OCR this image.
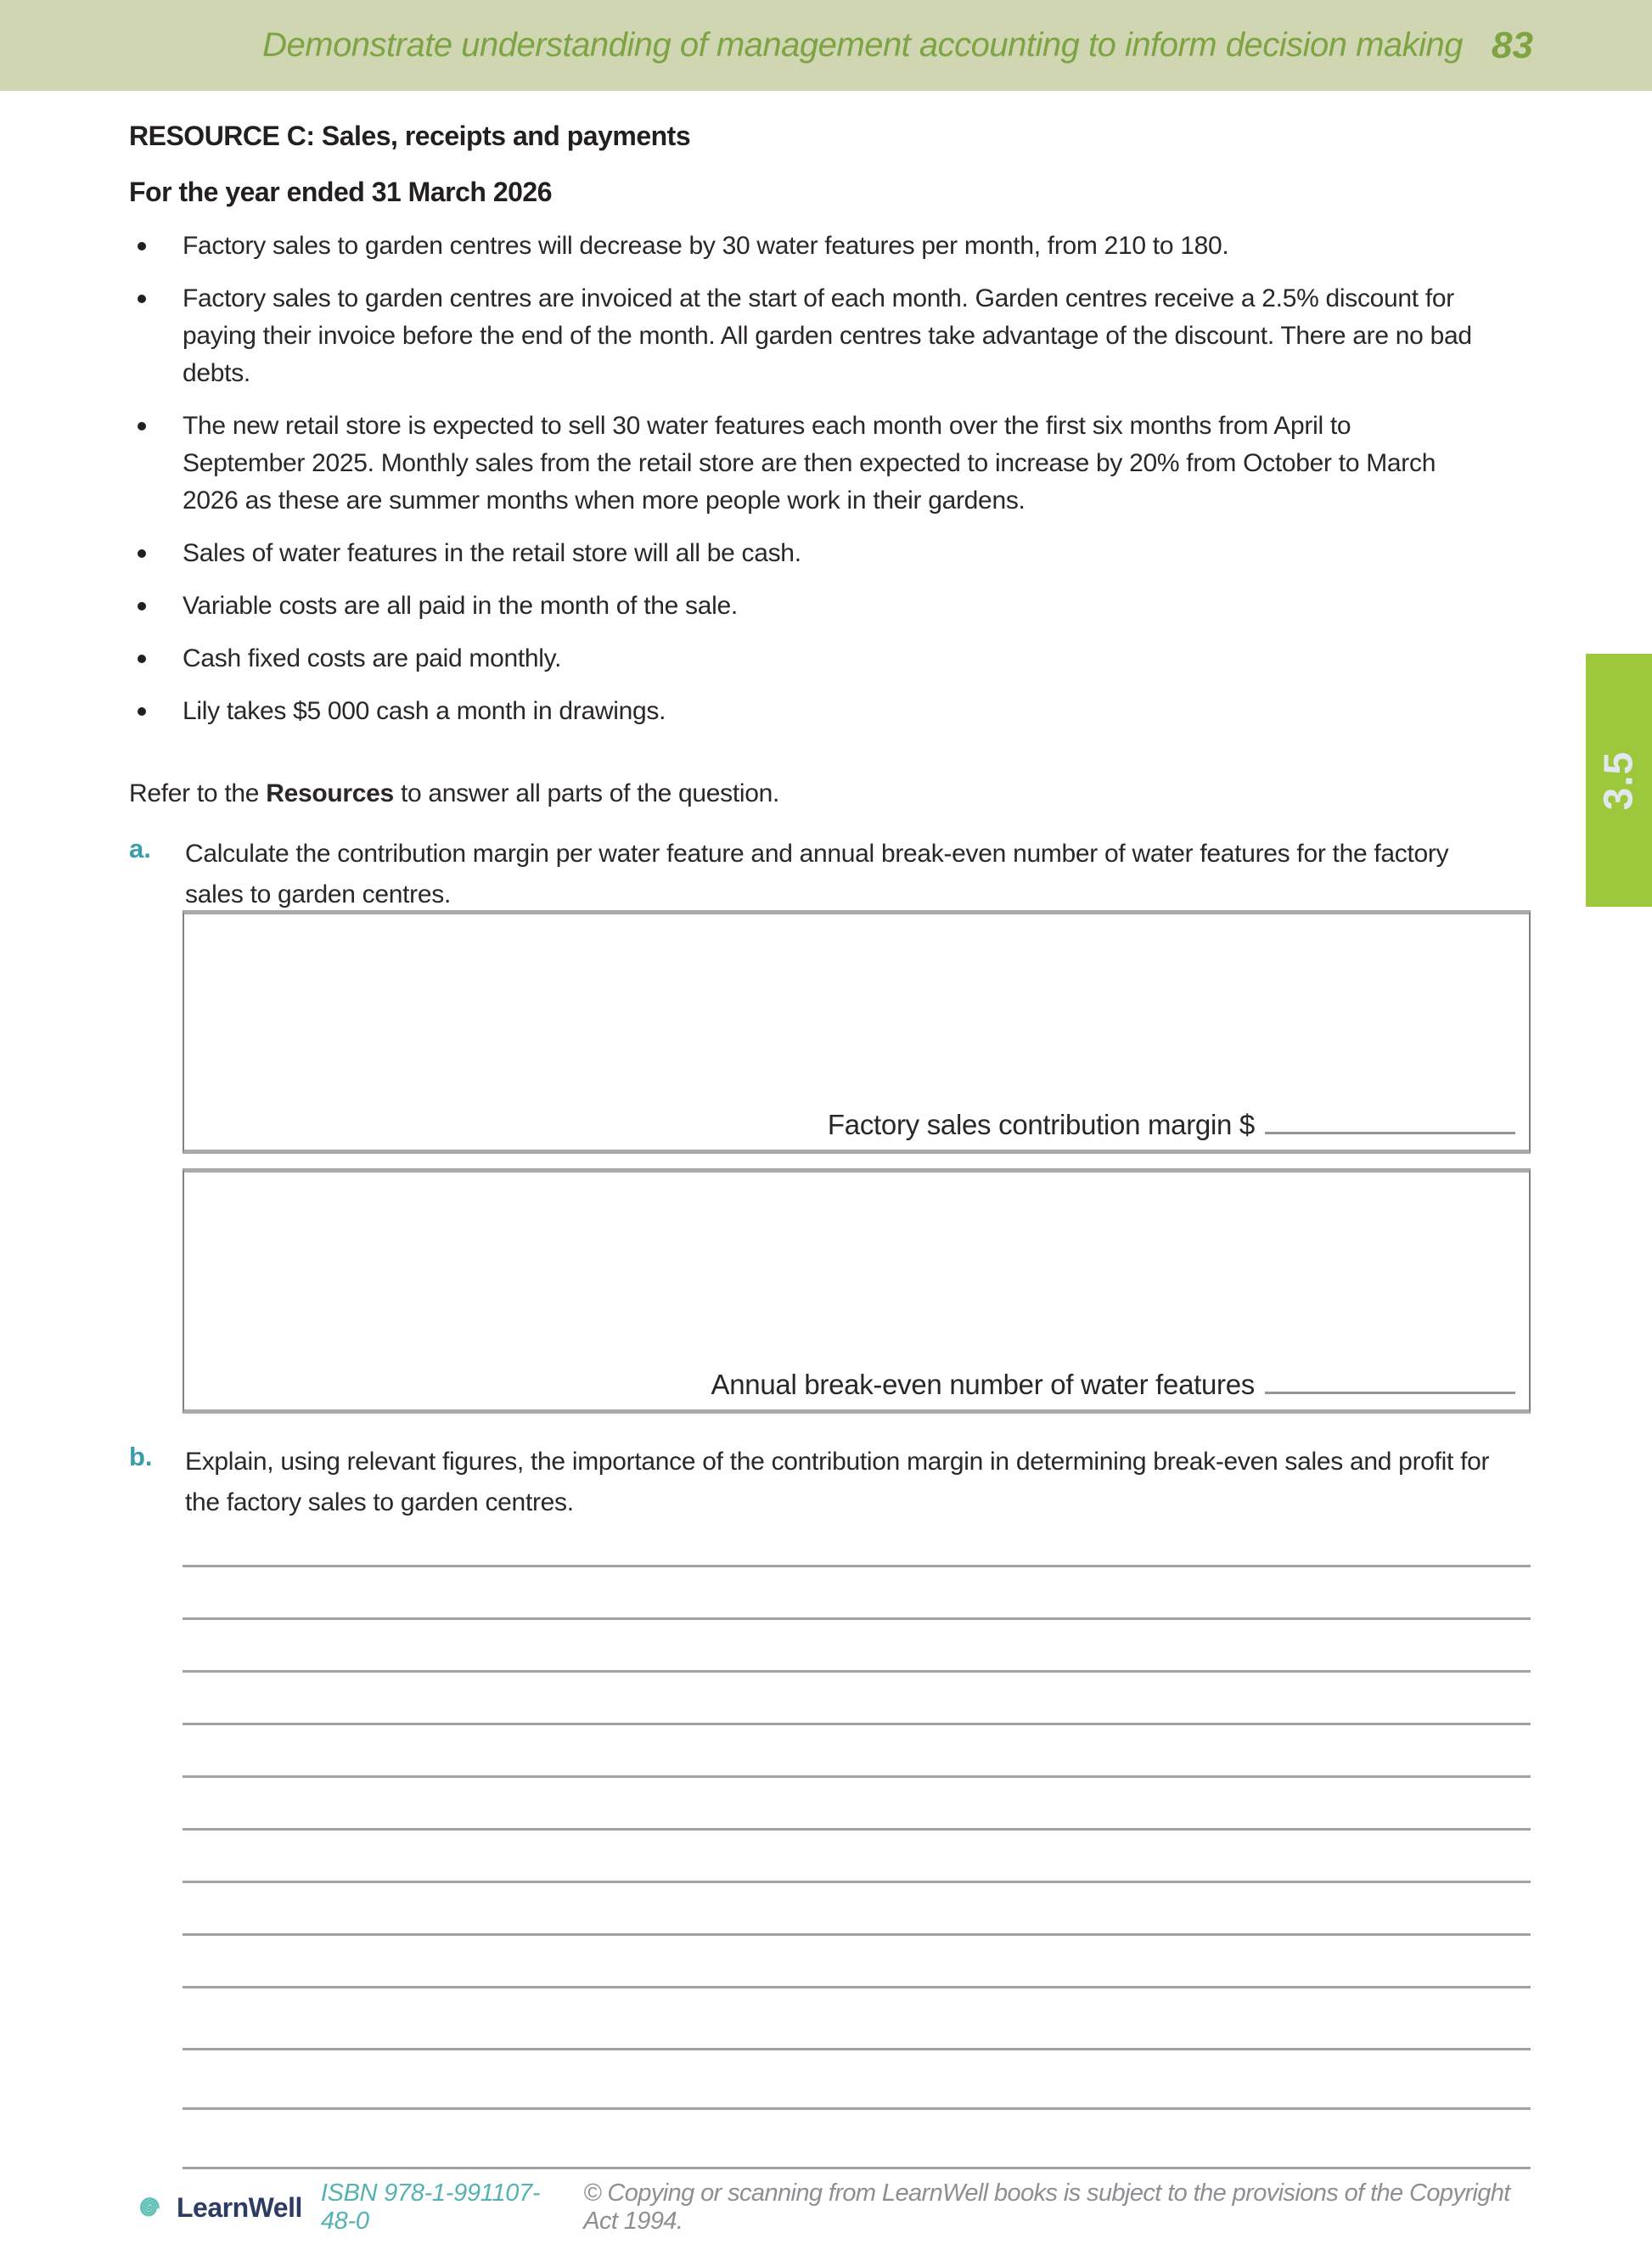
Demonstrate understanding of management accounting to inform decision making 83
RESOURCE C: Sales, receipts and payments
For the year ended 31 March 2026
Factory sales to garden centres will decrease by 30 water features per month, from 210 to 180.
Factory sales to garden centres are invoiced at the start of each month. Garden centres receive a 2.5% discount for paying their invoice before the end of the month. All garden centres take advantage of the discount. There are no bad debts.
The new retail store is expected to sell 30 water features each month over the first six months from April to September 2025. Monthly sales from the retail store are then expected to increase by 20% from October to March 2026 as these are summer months when more people work in their gardens.
Sales of water features in the retail store will all be cash.
Variable costs are all paid in the month of the sale.
Cash fixed costs are paid monthly.
Lily takes $5 000 cash a month in drawings.
Refer to the Resources to answer all parts of the question.
a. Calculate the contribution margin per water feature and annual break-even number of water features for the factory sales to garden centres.
Factory sales contribution margin $
Annual break-even number of water features
b. Explain, using relevant figures, the importance of the contribution margin in determining break-even sales and profit for the factory sales to garden centres.
3.5
LearnWell ISBN 978-1-991107-48-0
© Copying or scanning from LearnWell books is subject to the provisions of the Copyright Act 1994.
